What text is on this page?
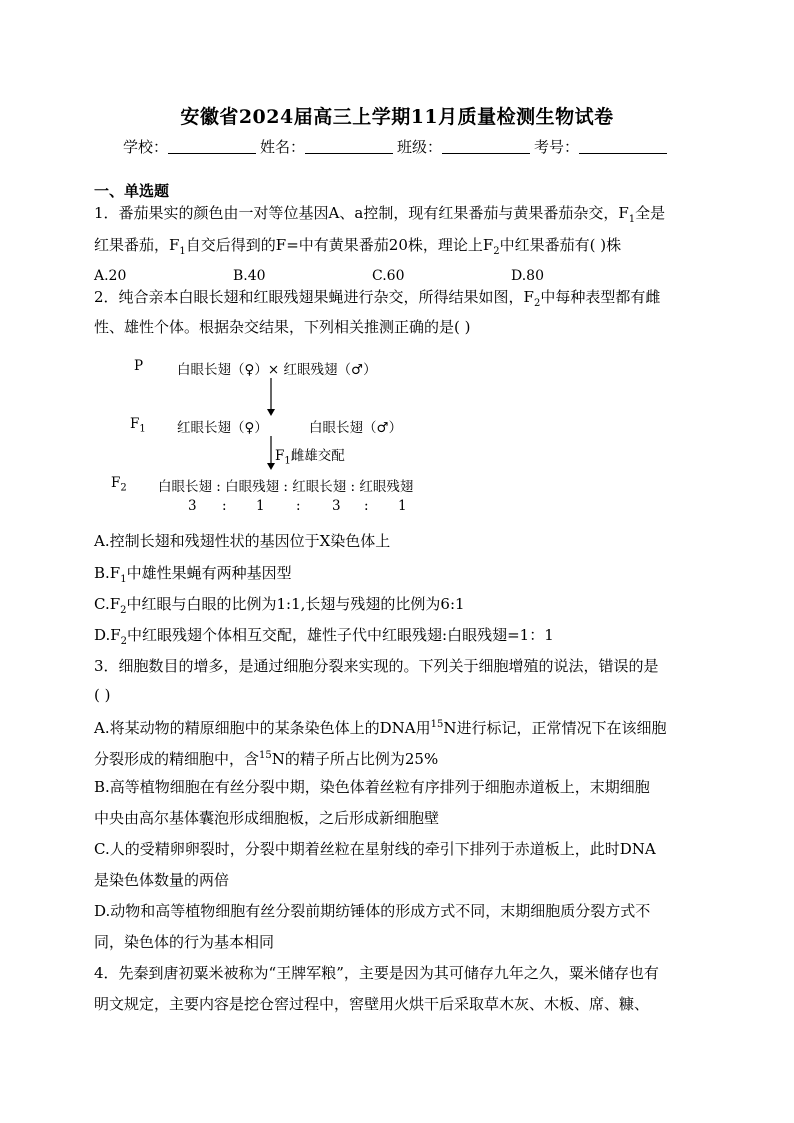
安徽省2024届高三上学期11月质量检测生物试卷
学校：	姓名：	班级：	考号：
一、单选题
1．番茄果实的颜色由一对等位基因A、a控制，现有红果番茄与黄果番茄杂交，$F_1$全是
红果番茄，$F_1$自交后得到的F=中有黄果番茄20株，理论上$F_2$中红果番茄有( )株
A.20	B.40	C.60	D.80
2．纯合亲本白眼长翅和红眼残翅果蝇进行杂交，所得结果如图，$F_2$中每种表型都有雌
性、雄性个体。根据杂交结果，下列相关推测正确的是( )
P	白眼长翅（♀）× 红眼残翅（♂）
$F_1$ 红眼长翅（♀）	白眼长翅（♂）
$F_1$雌雄交配
$F_2$ 白眼长翅 : 白眼残翅 : 红眼长翅 : 红眼残翅
3 : 1 : 3 : 1
A.控制长翅和残翅性状的基因位于X染色体上
$B.F_1$中雄性果蝇有两种基因型
$C.F_2$中红眼与白眼的比例为1:1,长翅与残翅的比例为6:1
$D.F_2$中红眼残翅个体相互交配，雄性子代中红眼残翅:白眼残翅=1：1
3．细胞数目的增多，是通过细胞分裂来实现的。下列关于细胞增殖的说法，错误的是
( )
A.将某动物的精原细胞中的某条染色体上的DNA用$^{15}$N进行标记，正常情况下在该细胞
分裂形成的精细胞中，含$^{15}$N的精子所占比例为25%
B.高等植物细胞在有丝分裂中期，染色体着丝粒有序排列于细胞赤道板上，末期细胞
中央由高尔基体囊泡形成细胞板，之后形成新细胞壁
C.人的受精卵卵裂时，分裂中期着丝粒在星射线的牵引下排列于赤道板上，此时DNA
是染色体数量的两倍
D.动物和高等植物细胞有丝分裂前期纺锤体的形成方式不同，末期细胞质分裂方式不
同，染色体的行为基本相同
4．先秦到唐初粟米被称为“王牌军粮”，主要是因为其可储存九年之久，粟米储存也有
明文规定，主要内容是挖仓窖过程中，窖壁用火烘干后采取草木灰、木板、席、糠、
